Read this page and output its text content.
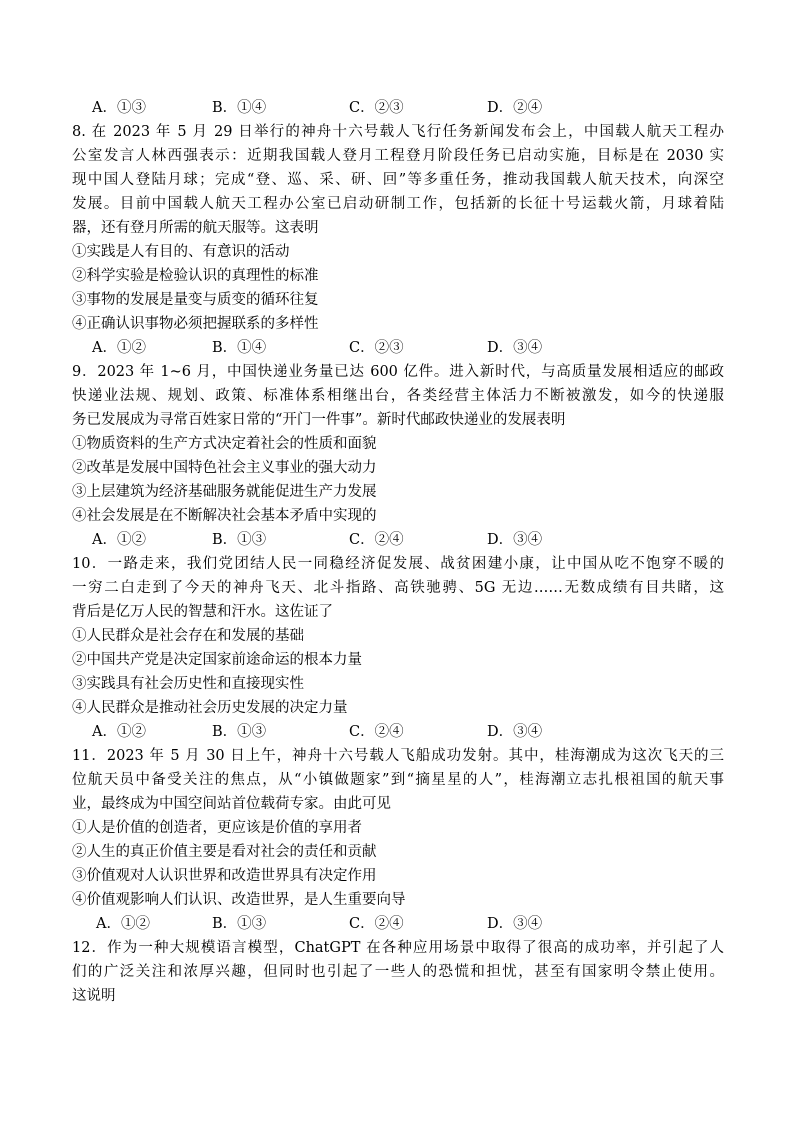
A．①③	B．①④	C．②③	D．②④
8. 在 2023 年 5 月 29 日举行的神舟十六号载人飞行任务新闻发布会上，中国载人航天工程办
公室发言人林西强表示：近期我国载人登月工程登月阶段任务已启动实施，目标是在 2030 实
现中国人登陆月球；完成“登、巡、采、研、回”等多重任务，推动我国载人航天技术，向深空
发展。目前中国载人航天工程办公室已启动研制工作，包括新的长征十号运载火箭，月球着陆
器，还有登月所需的航天服等。这表明
①实践是人有目的、有意识的活动
②科学实验是检验认识的真理性的标准
③事物的发展是量变与质变的循环往复
④正确认识事物必须把握联系的多样性
A．①②	B．①④	C．②③	D．③④
9．2023 年 1~6 月，中国快递业务量已达 600 亿件。进入新时代，与高质量发展相适应的邮政
快递业法规、规划、政策、标准体系相继出台，各类经营主体活力不断被激发，如今的快递服
务已发展成为寻常百姓家日常的“开门一件事”。新时代邮政快递业的发展表明
①物质资料的生产方式决定着社会的性质和面貌
②改革是发展中国特色社会主义事业的强大动力
③上层建筑为经济基础服务就能促进生产力发展
④社会发展是在不断解决社会基本矛盾中实现的
A．①②	B．①③	C．②④	D．③④
10．一路走来，我们党团结人民一同稳经济促发展、战贫困建小康，让中国从吃不饱穿不暖的
一穷二白走到了今天的神舟飞天、北斗指路、高铁驰骋、5G 无边……无数成绩有目共睹，这
背后是亿万人民的智慧和汗水。这佐证了
①人民群众是社会存在和发展的基础
②中国共产党是决定国家前途命运的根本力量
③实践具有社会历史性和直接现实性
④人民群众是推动社会历史发展的决定力量
A．①②	B．①③	C．②④	D．③④
11．2023 年 5 月 30 日上午，神舟十六号载人飞船成功发射。其中，桂海潮成为这次飞天的三
位航天员中备受关注的焦点，从“小镇做题家”到“摘星星的人”，桂海潮立志扎根祖国的航天事
业，最终成为中国空间站首位载荷专家。由此可见
①人是价值的创造者，更应该是价值的享用者
②人生的真正价值主要是看对社会的责任和贡献
③价值观对人认识世界和改造世界具有决定作用
④价值观影响人们认识、改造世界，是人生重要向导
A．①②	B．①③	C．②④	D．③④
12．作为一种大规模语言模型，ChatGPT 在各种应用场景中取得了很高的成功率，并引起了人
们的广泛关注和浓厚兴趣，但同时也引起了一些人的恐慌和担忧，甚至有国家明令禁止使用。
这说明
